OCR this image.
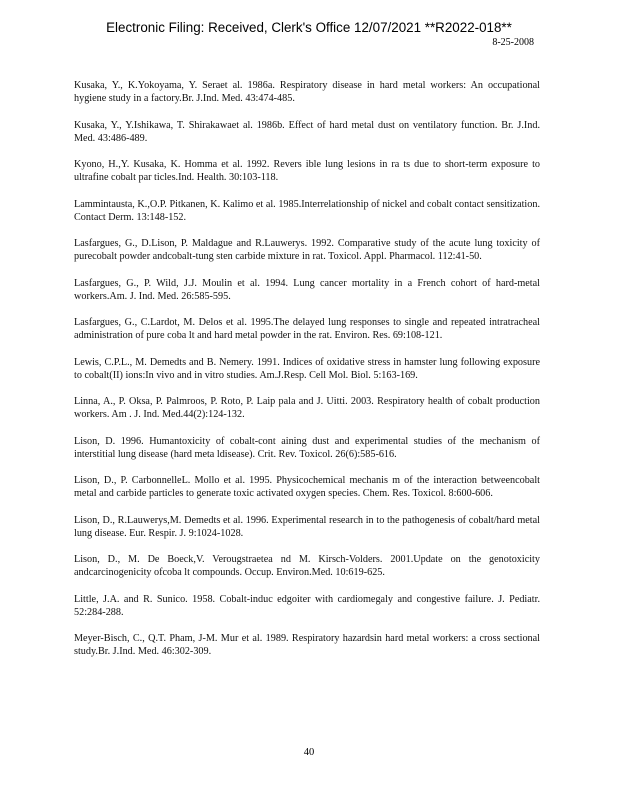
Electronic Filing: Received, Clerk's Office 12/07/2021 **R2022-018**
8-25-2008

Kusaka, Y., K.Yokoyama, Y. Seraet al. 1986a. Respiratory disease in hard metal workers: An occupational hygiene study in a factory.Br. J.Ind. Med. 43:474-485.

Kusaka, Y., Y.Ishikawa, T. Shirakawaet al. 1986b. Effect of hard metal dust on ventilatory function. Br. J.Ind. Med. 43:486-489.

Kyono, H.,Y. Kusaka, K. Homma et al. 1992. Revers ible lung lesions in ra ts due to short-term exposure to ultrafine cobalt par ticles.Ind. Health. 30:103-118.

Lammintausta, K.,O.P. Pitkanen, K. Kalimo et al. 1985.Interrelationship of nickel and cobalt contact sensitization. Contact Derm. 13:148-152.

Lasfargues, G., D.Lison, P. Maldague and R.Lauwerys. 1992. Comparative study of the acute lung toxicity of purecobalt powder andcobalt-tung sten carbide mixture in rat. Toxicol. Appl. Pharmacol. 112:41-50.

Lasfargues, G., P. Wild, J.J. Moulin et al. 1994. Lung cancer mortality in a French cohort of hard-metal workers.Am. J. Ind. Med. 26:585-595.

Lasfargues, G., C.Lardot, M. Delos et al. 1995.The delayed lung responses to single and repeated intratracheal administration of pure coba lt and hard metal powder in the rat. Environ. Res. 69:108-121.

Lewis, C.P.L., M. Demedts and B. Nemery. 1991. Indices of oxidative stress in hamster lung following exposure to cobalt(II) ions:In vivo and in vitro studies. Am.J.Resp. Cell Mol. Biol. 5:163-169.

Linna, A., P. Oksa, P. Palmroos, P. Roto, P. Laip pala and J. Uitti. 2003. Respiratory health of cobalt production workers. Am . J. Ind. Med.44(2):124-132.

Lison, D. 1996. Humantoxicity of cobalt-cont aining dust and experimental studies of the mechanism of interstitial lung disease (hard meta ldisease). Crit. Rev. Toxicol. 26(6):585-616.

Lison, D., P. CarbonnelleL. Mollo et al. 1995. Physicochemical mechanis m of the interaction betweencobalt metal and carbide particles to generate toxic activated oxygen species. Chem. Res. Toxicol. 8:600-606.

Lison, D., R.Lauwerys,M. Demedts et al. 1996. Experimental research in to the pathogenesis of cobalt/hard metal lung disease. Eur. Respir. J. 9:1024-1028.

Lison, D., M. De Boeck,V. Verougstraetea nd M. Kirsch-Volders. 2001.Update on the genotoxicity andcarcinogenicity ofcoba lt compounds. Occup. Environ.Med. 10:619-625.

Little, J.A. and R. Sunico. 1958. Cobalt-induc edgoiter with cardiomegaly and congestive failure. J. Pediatr. 52:284-288.

Meyer-Bisch, C., Q.T. Pham, J-M. Mur et al. 1989. Respiratory hazardsin hard metal workers: a cross sectional study.Br. J.Ind. Med. 46:302-309.

40
